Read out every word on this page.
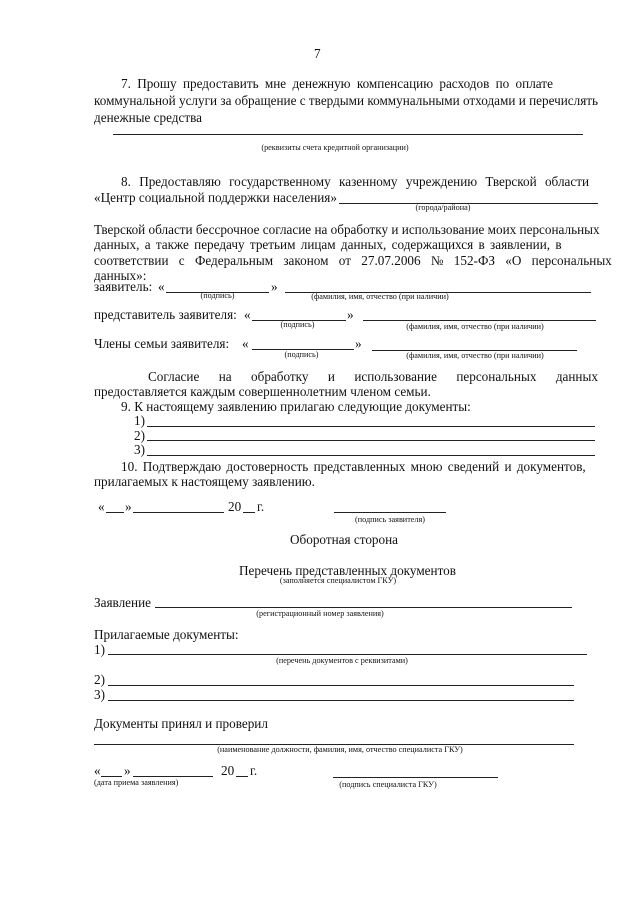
7
7. Прошу предоставить мне денежную компенсацию расходов по оплате
коммунальной услуги за обращение с твердыми коммунальными отходами и перечислять
денежные средства
(реквизиты счета кредитной организации)
8. Предоставляю государственному казенному учреждению Тверской области
«Центр социальной поддержки населения»
(города/района)
Тверской области бессрочное согласие на обработку и использование моих персональных
данных, а также передачу третьим лицам данных, содержащихся в заявлении, в
соответствии с Федеральным законом от 27.07.2006 № 152-ФЗ «О персональных
данных»:
заявитель: «	»
(подпись)	(фамилия, имя, отчество (при наличии)
представитель заявителя: «	»
(подпись)	(фамилия, имя, отчество (при наличии)
Члены семьи заявителя: «	»
(подпись)	(фамилия, имя, отчество (при наличии)
Согласие на обработку и использование персональных данных
предоставляется каждым совершеннолетним членом семьи.
9. К настоящему заявлению прилагаю следующие документы:
1)
2)
3)
10. Подтверждаю достоверность представленных мною сведений и документов,
прилагаемых к настоящему заявлению.
« »	20 г.
(подпись заявителя)
Оборотная сторона
Перечень представленных документов
(заполняется специалистом ГКУ)
Заявление
(регистрационный номер заявления)
Прилагаемые документы:
1)
(перечень документов с реквизитами)
2)
3)
Документы принял и проверил
(наименование должности, фамилия, имя, отчество специалиста ГКУ)
« »	20 г.
(дата приема заявления)	(подпись специалиста ГКУ)
